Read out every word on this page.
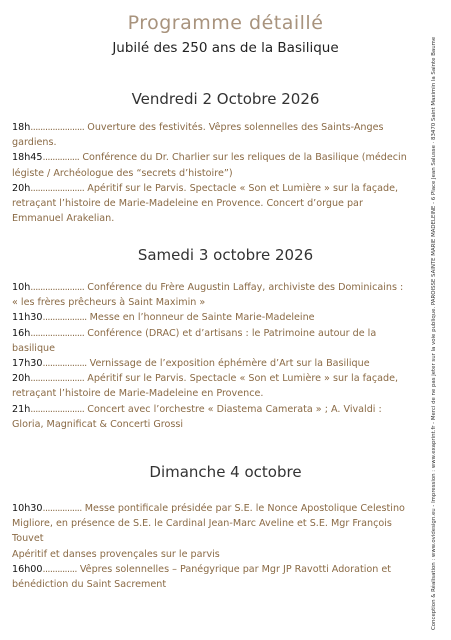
Programme détaillé
Jubilé des 250 ans de la Basilique
Vendredi 2 Octobre 2026
18h...................... Ouverture des festivités. Vêpres solennelles des Saints-Anges gardiens.
18h45............... Conférence du Dr. Charlier sur les reliques de la Basilique (médecin légiste / Archéologue des “secrets d’histoire”)
20h...................... Apéritif sur le Parvis. Spectacle « Son et Lumière » sur la façade, retraçant l’histoire de Marie-Madeleine en Provence. Concert d’orgue par Emmanuel Arakelian.
Samedi 3 octobre 2026
10h...................... Conférence du Frère Augustin Laffay, archiviste des Dominicains : « les frères prêcheurs à Saint Maximin »
11h30.................. Messe en l’honneur de Sainte Marie-Madeleine
16h...................... Conférence (DRAC) et d’artisans : le Patrimoine autour de la basilique
17h30.................. Vernissage de l’exposition éphémère d’Art sur la Basilique
20h...................... Apéritif sur le Parvis. Spectacle « Son et Lumière » sur la façade, retraçant l’histoire de Marie-Madeleine en Provence.
21h...................... Concert avec l’orchestre « Diastema Camerata » ; A. Vivaldi : Gloria, Magnificat & Concerti Grossi
Dimanche 4 octobre
10h30................ Messe pontificale présidée par S.E. le Nonce Apostolique Celestino Migliore, en présence de S.E. le Cardinal Jean-Marc Aveline et S.E. Mgr François Touvet
Apéritif et danses provençales sur le parvis
16h00.............. Vêpres solennelles – Panégyrique par Mgr JP Ravotti Adoration et bénédiction du Saint Sacrement	Conception & Réalisation : www.ovidesign.eu - Impression : www.exaprint.fr - Merci de ne pas jeter sur la voie publique. PAROISSE SAINTE MARIE MADELEINE - 6 Place Jean Salusse · 83470 Saint Maximin la Sainte Baume
